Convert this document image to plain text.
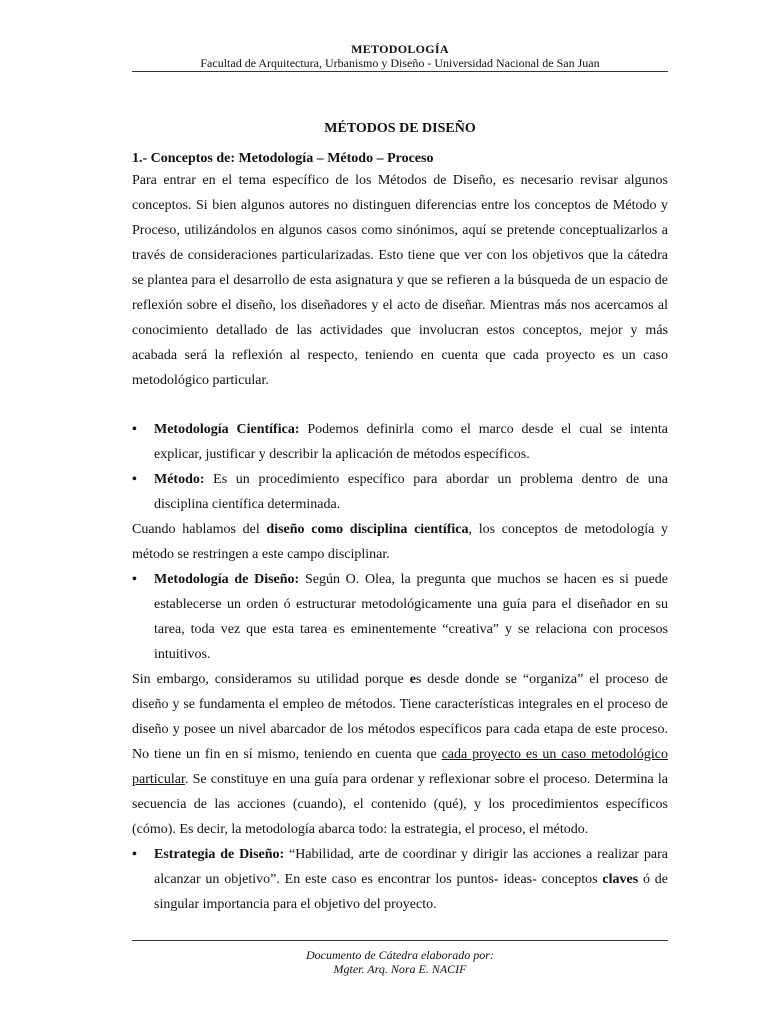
METODOLOGÍA
Facultad de Arquitectura, Urbanismo y Diseño - Universidad Nacional de San Juan
MÉTODOS DE DISEÑO
1.- Conceptos de: Metodología – Método – Proceso

Para entrar en el tema específico de los Métodos de Diseño, es necesario revisar algunos conceptos. Si bien algunos autores no distinguen diferencias entre los conceptos de Método y Proceso, utilizándolos en algunos casos como sinónimos, aquí se pretende conceptualizarlos a través de consideraciones particularizadas. Esto tiene que ver con los objetivos que la cátedra se plantea para el desarrollo de esta asignatura y que se refieren a la búsqueda de un espacio de reflexión sobre el diseño, los diseñadores y el acto de diseñar. Mientras más nos acercamos al conocimiento detallado de las actividades que involucran estos conceptos, mejor y más acabada será la reflexión al respecto, teniendo en cuenta que cada proyecto es un caso metodológico particular.

• Metodología Científica: Podemos definirla como el marco desde el cual se intenta explicar, justificar y describir la aplicación de métodos específicos.

• Método: Es un procedimiento específico para abordar un problema dentro de una disciplina científica determinada.

Cuando hablamos del diseño como disciplina científica, los conceptos de metodología y método se restringen a este campo disciplinar.

• Metodología de Diseño: Según O. Olea, la pregunta que muchos se hacen es si puede establecerse un orden ó estructurar metodológicamente una guía para el diseñador en su tarea, toda vez que esta tarea es eminentemente “creativa” y se relaciona con procesos intuitivos.

Sin embargo, consideramos su utilidad porque es desde donde se “organiza” el proceso de diseño y se fundamenta el empleo de métodos. Tiene características integrales en el proceso de diseño y posee un nivel abarcador de los métodos específicos para cada etapa de este proceso. No tiene un fin en sí mismo, teniendo en cuenta que cada proyecto es un caso metodológico particular. Se constituye en una guía para ordenar y reflexionar sobre el proceso. Determina la secuencia de las acciones (cuando), el contenido (qué), y los procedimientos específicos (cómo). Es decir, la metodología abarca todo: la estrategia, el proceso, el método.

• Estrategia de Diseño: “Habilidad, arte de coordinar y dirigir las acciones a realizar para alcanzar un objetivo”. En este caso es encontrar los puntos- ideas- conceptos claves ó de singular importancia para el objetivo del proyecto.

Documento de Cátedra elaborado por:
Mgter. Arq. Nora E. NACIF
